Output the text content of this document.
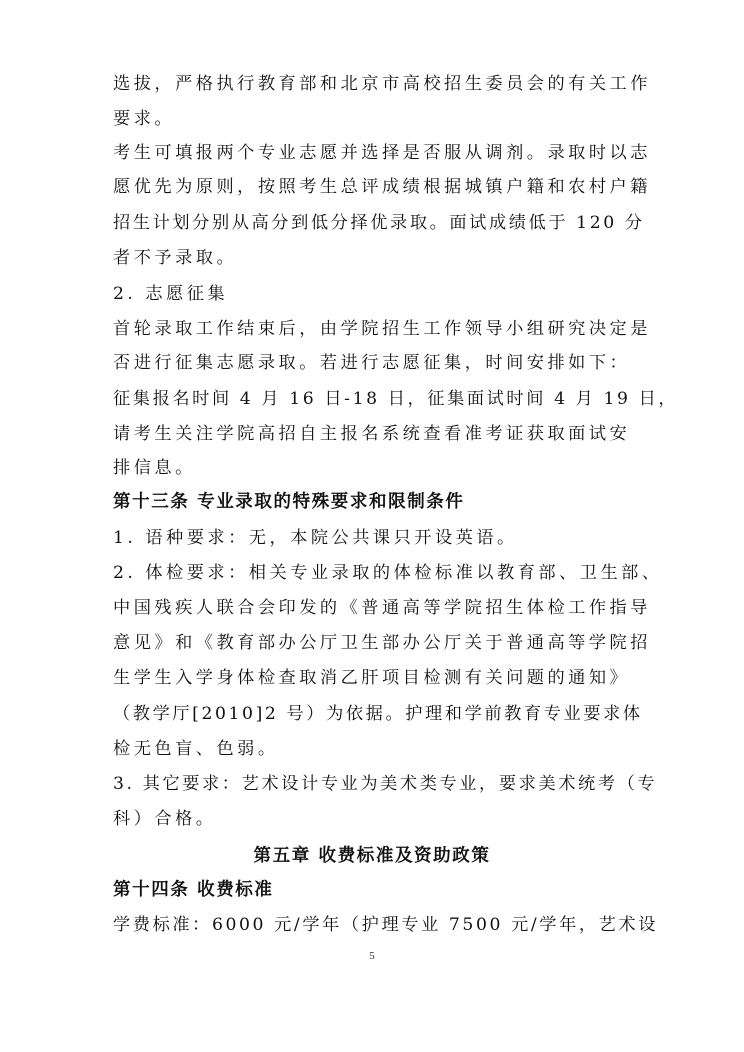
选拔，严格执行教育部和北京市高校招生委员会的有关工作
要求。
考生可填报两个专业志愿并选择是否服从调剂。录取时以志
愿优先为原则，按照考生总评成绩根据城镇户籍和农村户籍
招生计划分别从高分到低分择优录取。面试成绩低于 120 分
者不予录取。
2. 志愿征集
首轮录取工作结束后，由学院招生工作领导小组研究决定是
否进行征集志愿录取。若进行志愿征集，时间安排如下：
征集报名时间 4 月 16 日-18 日，征集面试时间 4 月 19 日，
请考生关注学院高招自主报名系统查看准考证获取面试安
排信息。
第十三条 专业录取的特殊要求和限制条件
1. 语种要求：无，本院公共课只开设英语。
2. 体检要求：相关专业录取的体检标准以教育部、卫生部、
中国残疾人联合会印发的《普通高等学院招生体检工作指导
意见》和《教育部办公厅卫生部办公厅关于普通高等学院招
生学生入学身体检查取消乙肝项目检测有关问题的通知》
（教学厅[2010]2 号）为依据。护理和学前教育专业要求体
检无色盲、色弱。
3. 其它要求：艺术设计专业为美术类专业，要求美术统考（专
科）合格。
第五章 收费标准及资助政策
第十四条 收费标准
学费标准：6000 元/学年（护理专业 7500 元/学年，艺术设
5
